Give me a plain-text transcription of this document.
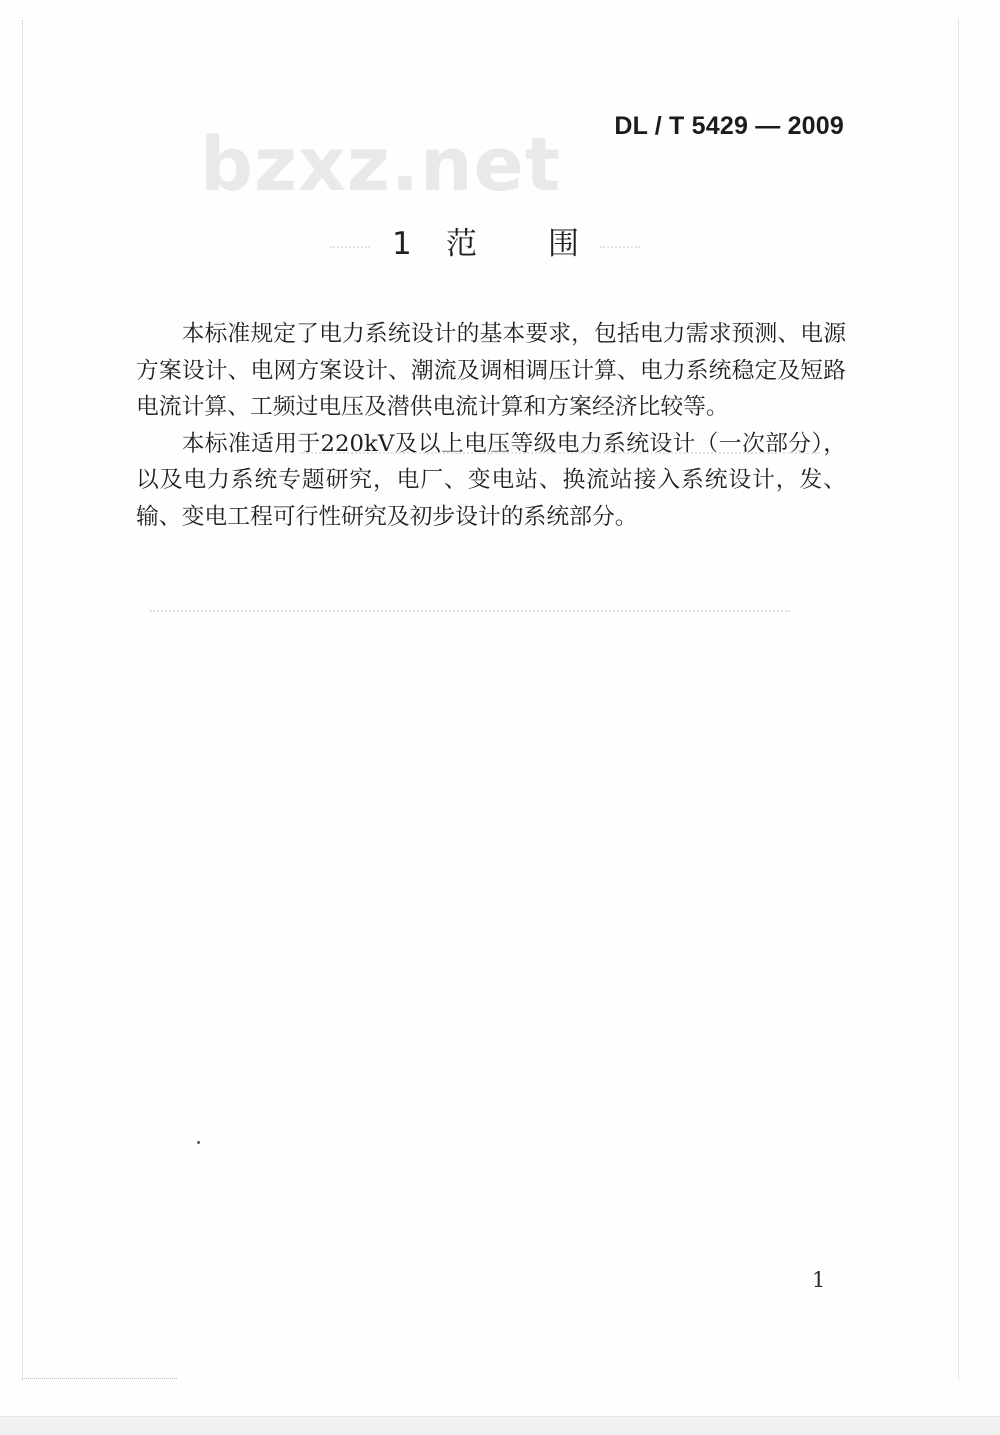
DL / T 5429 — 2009
bzxz.net
1 范 围

本标准规定了电力系统设计的基本要求，包括电力需求预测、电源方案设计、电网方案设计、潮流及调相调压计算、电力系统稳定及短路电流计算、工频过电压及潜供电流计算和方案经济比较等。

本标准适用于220kV及以上电压等级电力系统设计（一次部分），以及电力系统专题研究，电厂、变电站、换流站接入系统设计，发、输、变电工程可行性研究及初步设计的系统部分。

1
